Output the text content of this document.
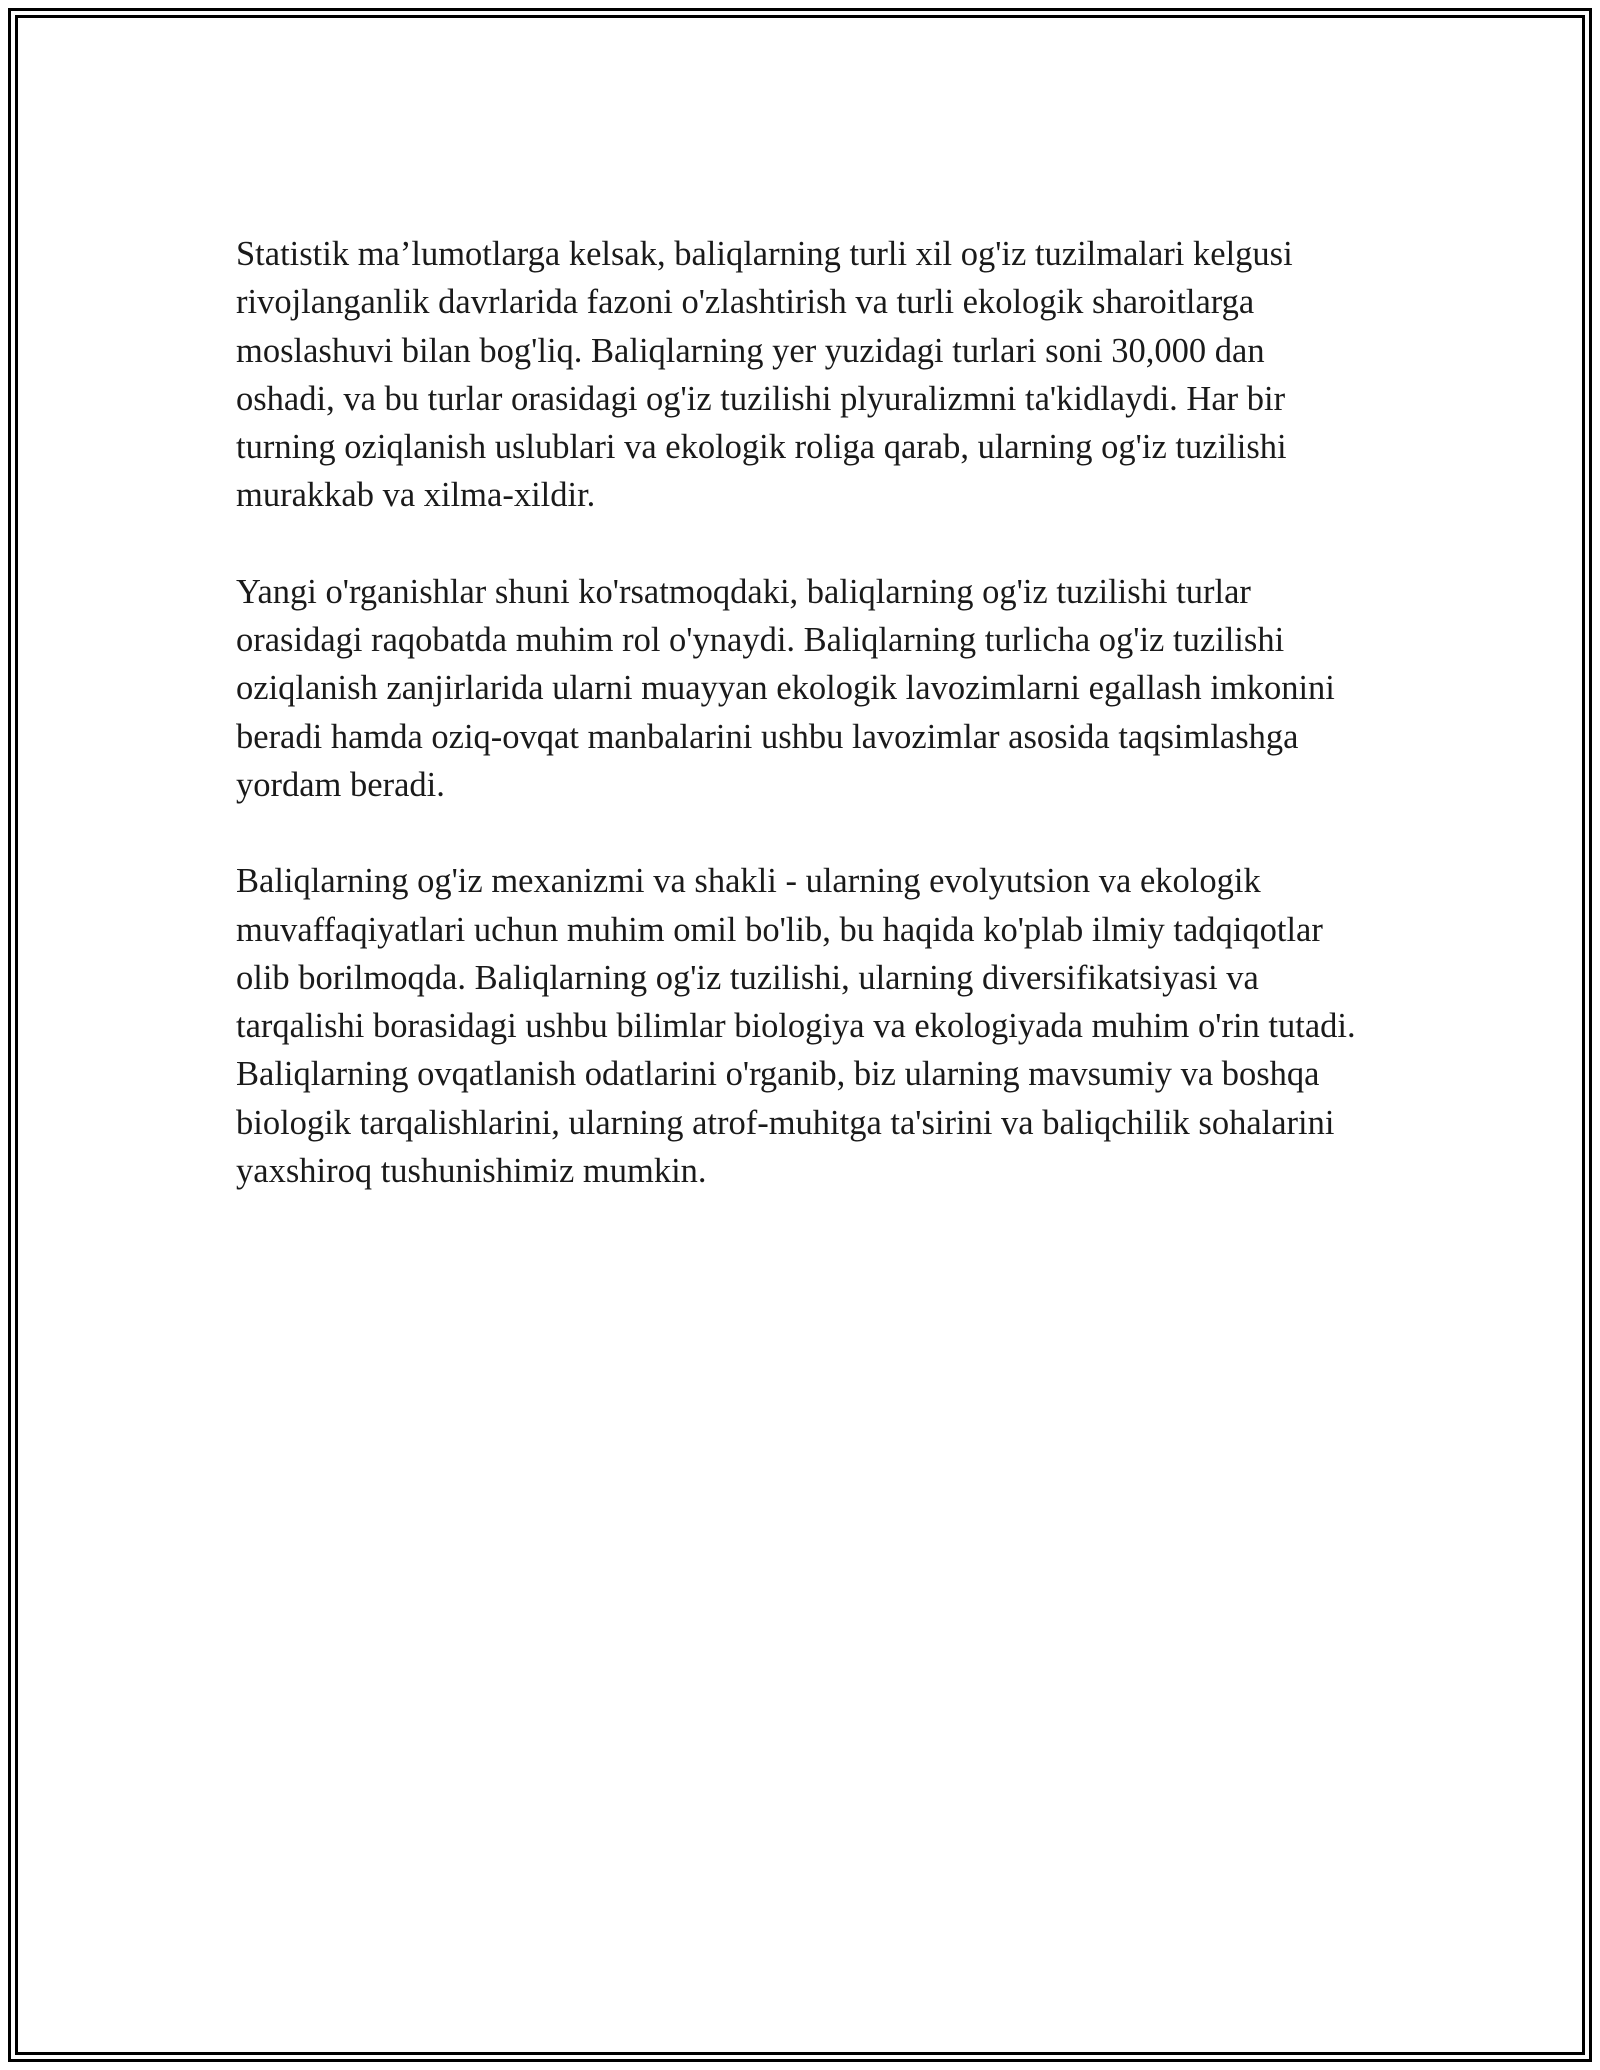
Statistik ma’lumotlarga kelsak, baliqlarning turli xil og'iz tuzilmalari kelgusi rivojlanganlik davrlarida fazoni o'zlashtirish va turli ekologik sharoitlarga moslashuvi bilan bog'liq. Baliqlarning yer yuzidagi turlari soni 30,000 dan oshadi, va bu turlar orasidagi og'iz tuzilishi plyuralizmni ta'kidlaydi. Har bir turning oziqlanish uslublari va ekologik roliga qarab, ularning og'iz tuzilishi murakkab va xilma-xildir.

Yangi o'rganishlar shuni ko'rsatmoqdaki, baliqlarning og'iz tuzilishi turlar orasidagi raqobatda muhim rol o'ynaydi. Baliqlarning turlicha og'iz tuzilishi oziqlanish zanjirlarida ularni muayyan ekologik lavozimlarni egallash imkonini beradi hamda oziq-ovqat manbalarini ushbu lavozimlar asosida taqsimlashga yordam beradi.

Baliqlarning og'iz mexanizmi va shakli - ularning evolyutsion va ekologik muvaffaqiyatlari uchun muhim omil bo'lib, bu haqida ko'plab ilmiy tadqiqotlar olib borilmoqda. Baliqlarning og'iz tuzilishi, ularning diversifikatsiyasi va tarqalishi borasidagi ushbu bilimlar biologiya va ekologiyada muhim o'rin tutadi. Baliqlarning ovqatlanish odatlarini o'rganib, biz ularning mavsumiy va boshqa biologik tarqalishlarini, ularning atrof-muhitga ta'sirini va baliqchilik sohalarini yaxshiroq tushunishimiz mumkin.
